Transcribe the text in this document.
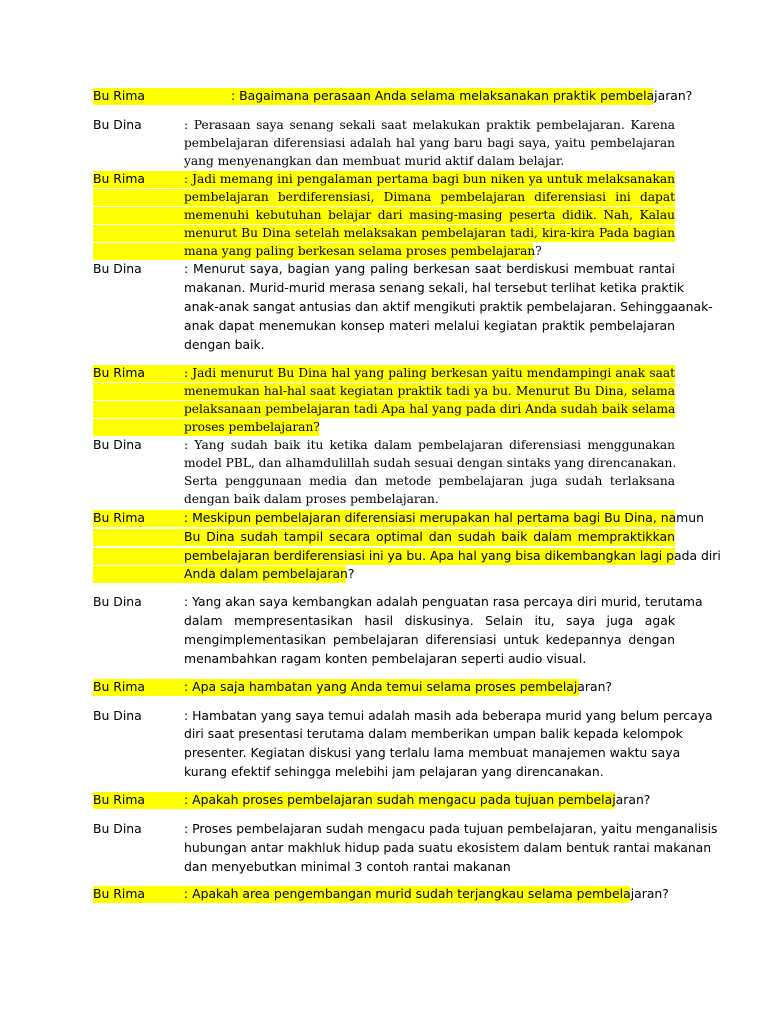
Bu Rima	: Bagaimana perasaan Anda selama melaksanakan praktik pembelajaran?
Bu Dina	: Perasaan saya senang sekali saat melakukan praktik pembelajaran. Karena
pembelajaran diferensiasi adalah hal yang baru bagi saya, yaitu pembelajaran
yang menyenangkan dan membuat murid aktif dalam belajar.
Bu Rima	: Jadi memang ini pengalaman pertama bagi bun niken ya untuk melaksanakan
pembelajaran berdiferensiasi, Dimana pembelajaran diferensiasi ini dapat
memenuhi kebutuhan belajar dari masing-masing peserta didik. Nah, Kalau
menurut Bu Dina setelah melaksakan pembelajaran tadi, kira-kira Pada bagian
mana yang paling berkesan selama proses pembelajaran?
Bu Dina	: Menurut saya, bagian yang paling berkesan saat berdiskusi membuat rantai
makanan. Murid-murid merasa senang sekali, hal tersebut terlihat ketika praktik
anak-anak sangat antusias dan aktif mengikuti praktik pembelajaran. Sehinggaanak-
anak dapat menemukan konsep materi melalui kegiatan praktik pembelajaran
dengan baik.
Bu Rima	: Jadi menurut Bu Dina hal yang paling berkesan yaitu mendampingi anak saat
menemukan hal-hal saat kegiatan praktik tadi ya bu. Menurut Bu Dina, selama
pelaksanaan pembelajaran tadi Apa hal yang pada diri Anda sudah baik selama
proses pembelajaran?
Bu Dina	: Yang sudah baik itu ketika dalam pembelajaran diferensiasi menggunakan
model PBL, dan alhamdulillah sudah sesuai dengan sintaks yang direncanakan.
Serta penggunaan media dan metode pembelajaran juga sudah terlaksana
dengan baik dalam proses pembelajaran.
Bu Rima	: Meskipun pembelajaran diferensiasi merupakan hal pertama bagi Bu Dina, namun
Bu Dina sudah tampil secara optimal dan sudah baik dalam mempraktikkan
pembelajaran berdiferensiasi ini ya bu. Apa hal yang bisa dikembangkan lagi pada diri
Anda dalam pembelajaran?
Bu Dina	: Yang akan saya kembangkan adalah penguatan rasa percaya diri murid, terutama
dalam mempresentasikan hasil diskusinya. Selain itu, saya juga agak
mengimplementasikan pembelajaran diferensiasi untuk kedepannya dengan
menambahkan ragam konten pembelajaran seperti audio visual.
Bu Rima	: Apa saja hambatan yang Anda temui selama proses pembelajaran?
Bu Dina	: Hambatan yang saya temui adalah masih ada beberapa murid yang belum percaya
diri saat presentasi terutama dalam memberikan umpan balik kepada kelompok
presenter. Kegiatan diskusi yang terlalu lama membuat manajemen waktu saya
kurang efektif sehingga melebihi jam pelajaran yang direncanakan.
Bu Rima	: Apakah proses pembelajaran sudah mengacu pada tujuan pembelajaran?
Bu Dina	: Proses pembelajaran sudah mengacu pada tujuan pembelajaran, yaitu menganalisis
hubungan antar makhluk hidup pada suatu ekosistem dalam bentuk rantai makanan
dan menyebutkan minimal 3 contoh rantai makanan
Bu Rima	: Apakah area pengembangan murid sudah terjangkau selama pembelajaran?
